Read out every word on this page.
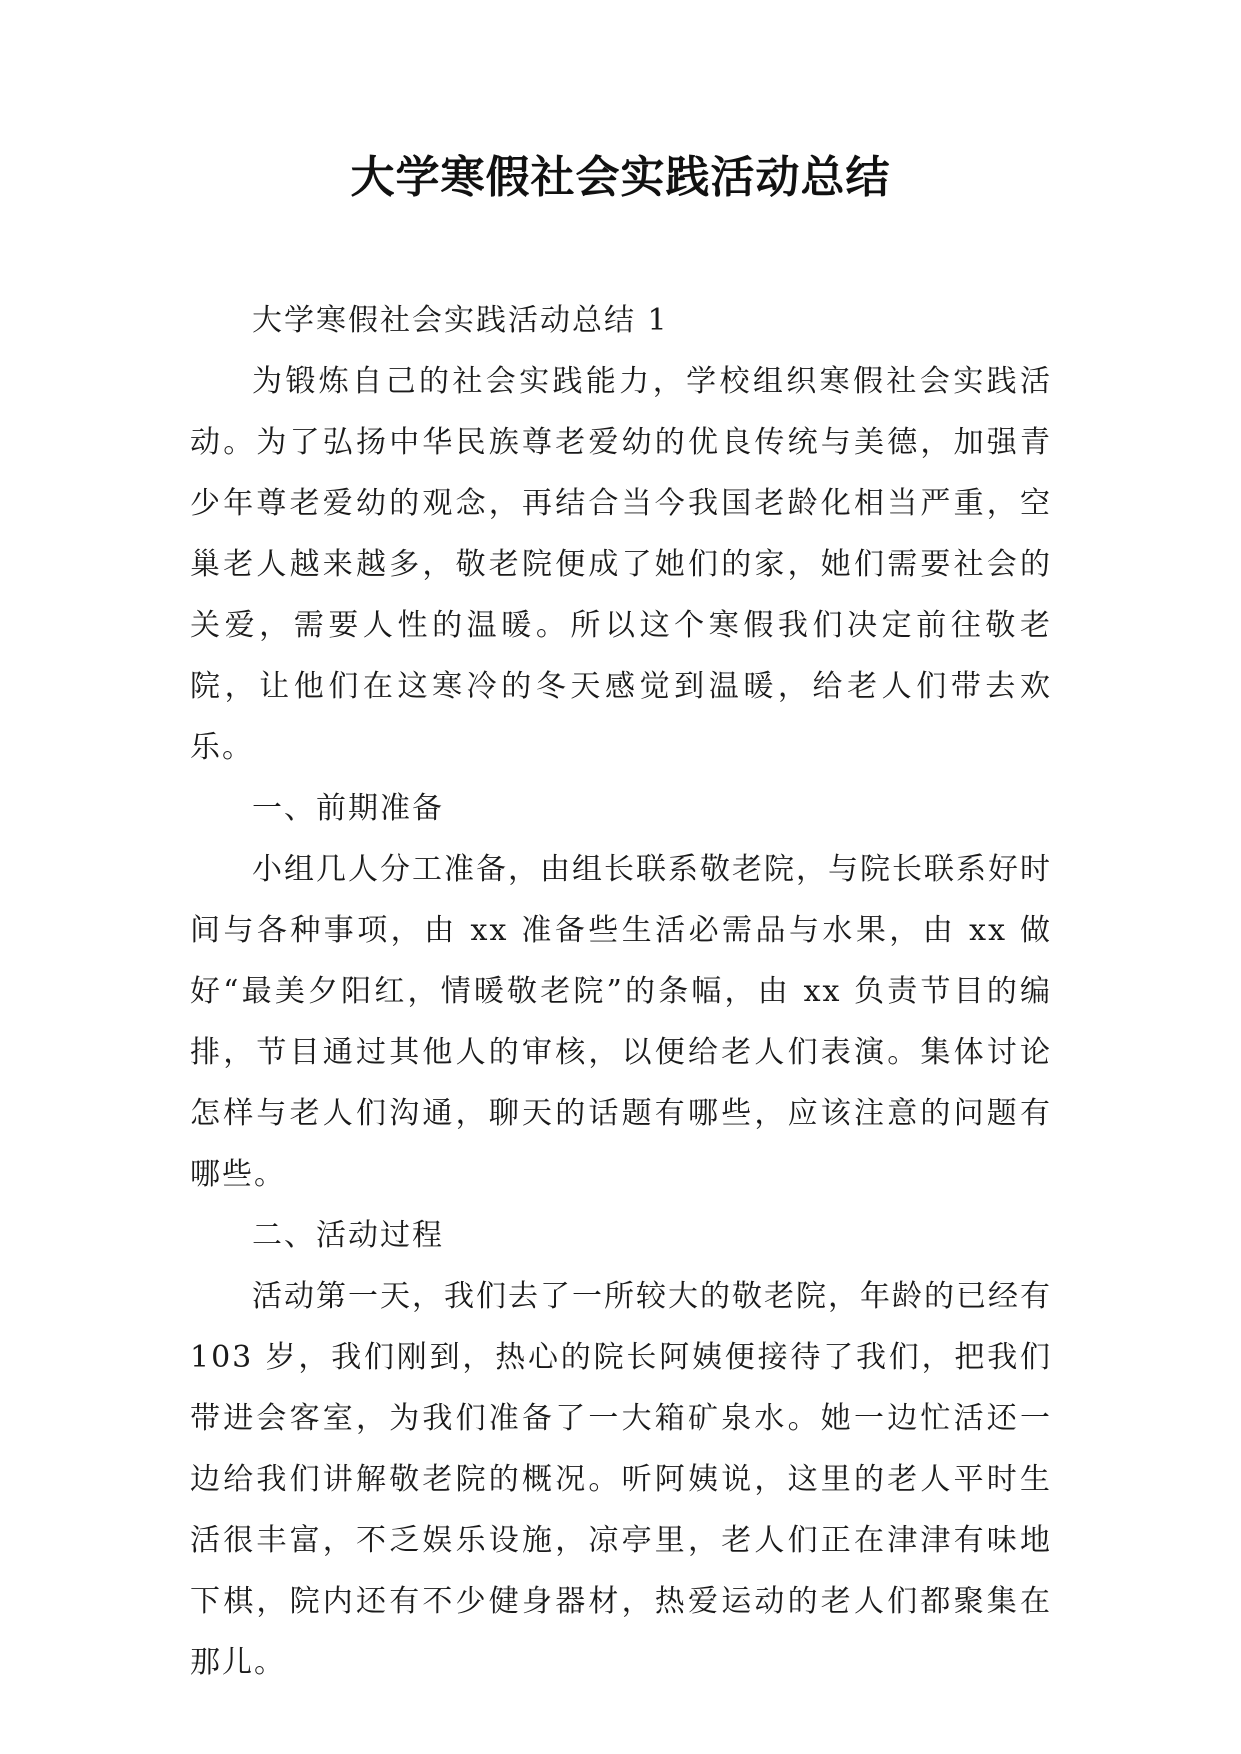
大学寒假社会实践活动总结

大学寒假社会实践活动总结 1

为锻炼自己的社会实践能力，学校组织寒假社会实践活动。为了弘扬中华民族尊老爱幼的优良传统与美德，加强青少年尊老爱幼的观念，再结合当今我国老龄化相当严重，空巢老人越来越多，敬老院便成了她们的家，她们需要社会的关爱，需要人性的温暖。所以这个寒假我们决定前往敬老院，让他们在这寒冷的冬天感觉到温暖，给老人们带去欢乐。

一、前期准备

小组几人分工准备，由组长联系敬老院，与院长联系好时间与各种事项，由 xx 准备些生活必需品与水果，由 xx 做好“最美夕阳红，情暖敬老院”的条幅，由 xx 负责节目的编排，节目通过其他人的审核，以便给老人们表演。集体讨论怎样与老人们沟通，聊天的话题有哪些，应该注意的问题有哪些。

二、活动过程

活动第一天，我们去了一所较大的敬老院，年龄的已经有 103 岁，我们刚到，热心的院长阿姨便接待了我们，把我们带进会客室，为我们准备了一大箱矿泉水。她一边忙活还一边给我们讲解敬老院的概况。听阿姨说，这里的老人平时生活很丰富，不乏娱乐设施，凉亭里，老人们正在津津有味地下棋，院内还有不少健身器材，热爱运动的老人们都聚集在那儿。
